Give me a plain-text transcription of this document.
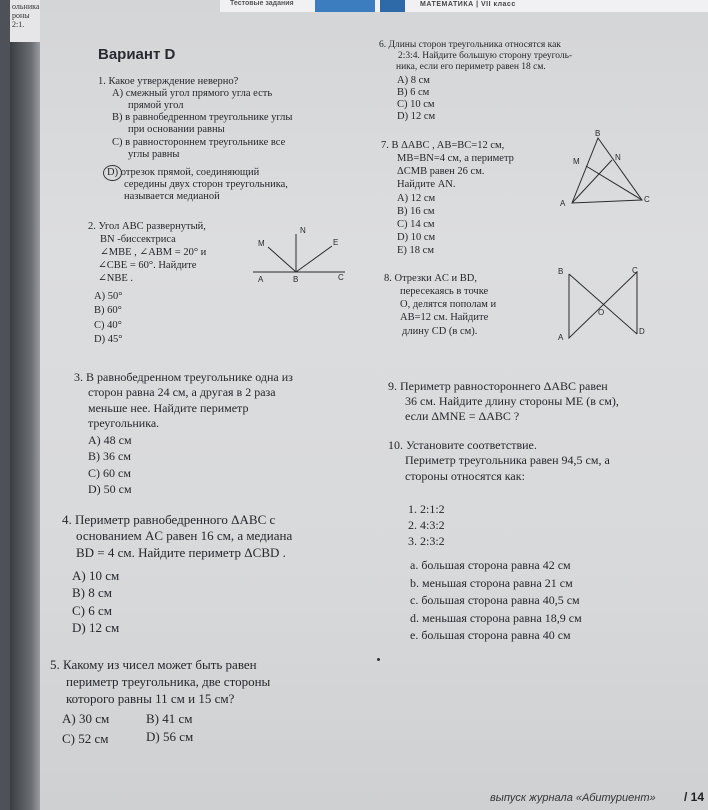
ольника
роны
2:1.
Тестовые задания	МАТЕМАТИКА | VII класс
Вариант D
1. Какое утверждение неверно?
А) смежный угол прямого угла есть
прямой угол
В) в равнобедренном треугольнике углы
при основании равны
С) в равностороннем треугольнике все
углы равны
D) отрезок прямой, соединяющий
середины двух сторон треугольника,
называется медианой
2. Угол ABC развернутый,
BN -биссектриса
∠MBE , ∠ABM = 20° и
∠CBE = 60°. Найдите
∠NBE .
А) 50°
В) 60°
С) 40°
D) 45°
N
M	E
A	B	C
3. В равнобедренном треугольнике одна из
сторон равна 24 см, а другая в 2 раза
меньше нее. Найдите периметр
треугольника.
А) 48 см
В) 36 см
С) 60 см
D) 50 см
4. Периметр равнобедренного ΔABC с
основанием AC равен 16 см, а медиана
BD = 4 см. Найдите периметр ΔCBD .
А) 10 см
В) 8 см
С) 6 см
D) 12 см
5. Какому из чисел может быть равен
периметр треугольника, две стороны
которого равны 11 см и 15 см?
А) 30 см	В) 41 см
С) 52 см	D) 56 см
6. Длины сторон треугольника относятся как
2:3:4. Найдите большую сторону треуголь-
ника, если его периметр равен 18 см.
А) 8 см
В) 6 см
С) 10 см
D) 12 см
7. В ΔABC , AB=BC=12 см,
MB=BN=4 см, а периметр
ΔCMB равен 26 см.
Найдите AN.
А) 12 см
В) 16 см
С) 14 см
D) 10 см
Е) 18 см
B
M	N
A	C
8. Отрезки AC и BD,
пересекаясь в точке
O, делятся пополам и
AB=12 см. Найдите
длину CD (в см).
B	C
O
A
D
9. Периметр равностороннего ΔABC равен
36 см. Найдите длину стороны ME (в см),
если ΔMNE = ΔABC ?
10. Установите соответствие.
Периметр треугольника равен 94,5 см, а
стороны относятся как:
1. 2:1:2
2. 4:3:2
3. 2:3:2
a. большая сторона равна 42 см
b. меньшая сторона равна 21 см
c. большая сторона равна 40,5 см
d. меньшая сторона равна 18,9 см
e. большая сторона равна 40 см
выпуск журнала «Абитуриент» / 14
